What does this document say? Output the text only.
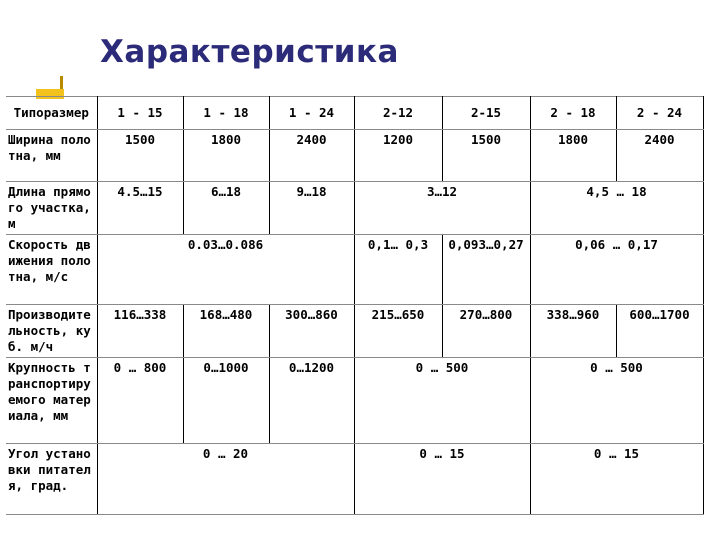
Характеристика
Типоразмер	1 - 15	1 - 18	1 - 24	2-12	2-15	2 - 18	2 - 24
Ширина полотна, мм	1500	1800	2400	1200	1500	1800	2400
Длина прямого участка, м	4.5…15	6…18	9…18	3…12		4,5 … 18	
Скорость движения полотна, м/с	0.03…0.086			0,1… 0,3	0,093…0,27	0,06 … 0,17	
Производительность, куб. м/ч	116…338	168…480	300…860	215…650	270…800	338…960	600…1700
Крупность транспортируемого материала, мм	0 … 800	0…1000	0…1200	0 … 500		0 … 500	
Угол установки питателя, град.	0 … 20			0 … 15		0 … 15	
